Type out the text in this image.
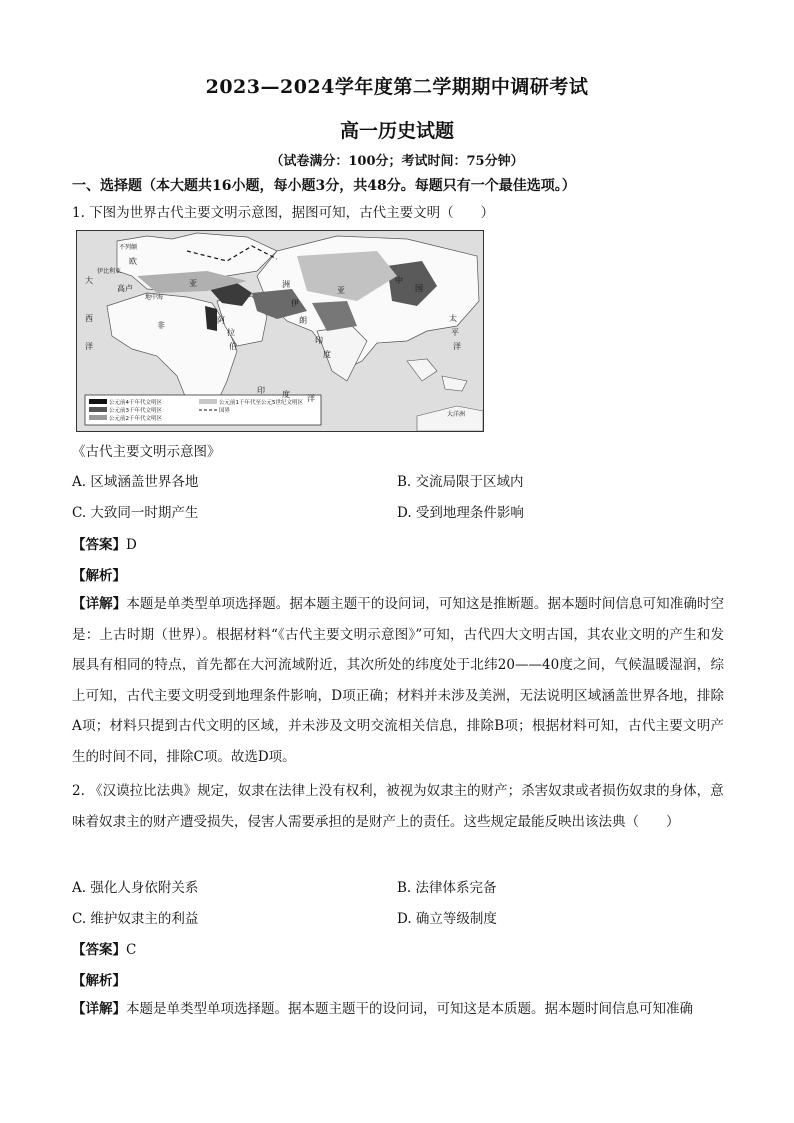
2023—2024学年度第二学期期中调研考试
高一历史试题
（试卷满分：100分；考试时间：75分钟）
一、选择题（本大题共16小题，每小题3分，共48分。每题只有一个最佳选项。）
1. 下图为世界古代主要文明示意图，据图可知，古代主要文明（　　）
公元前4千年代文明区
公元前3千年代文明区
公元前2千年代文明区
公元前1千年代至公元5世纪文明区
国界
大
西
洋
欧
不列颠
伊比利亚
高卢
地中海
亚
非
阿
拉
伯
伊
朗
印
度
洲	中
国
太
平
洋
印 度 洋
亚
大洋洲
《古代主要文明示意图》
A. 区域涵盖世界各地	B. 交流局限于区域内
C. 大致同一时期产生	D. 受到地理条件影响
【答案】D
【解析】
【详解】本题是单类型单项选择题。据本题主题干的设问词，可知这是推断题。据本题时间信息可知准确时空是：上古时期（世界）。根据材料“《古代主要文明示意图》”可知，古代四大文明古国，其农业文明的产生和发展具有相同的特点，首先都在大河流域附近，其次所处的纬度处于北纬20——40度之间，气候温暖湿润，综上可知，古代主要文明受到地理条件影响，D项正确；材料并未涉及美洲，无法说明区域涵盖世界各地，排除A项；材料只提到古代文明的区域，并未涉及文明交流相关信息，排除B项；根据材料可知，古代主要文明产生的时间不同，排除C项。故选D项。
2. 《汉谟拉比法典》规定，奴隶在法律上没有权利，被视为奴隶主的财产；杀害奴隶或者损伤奴隶的身体，意味着奴隶主的财产遭受损失，侵害人需要承担的是财产上的责任。这些规定最能反映出该法典（　　）
A. 强化人身依附关系	B. 法律体系完备
C. 维护奴隶主的利益	D. 确立等级制度
【答案】C
【解析】
【详解】本题是单类型单项选择题。据本题主题干的设问词，可知这是本质题。据本题时间信息可知准确
